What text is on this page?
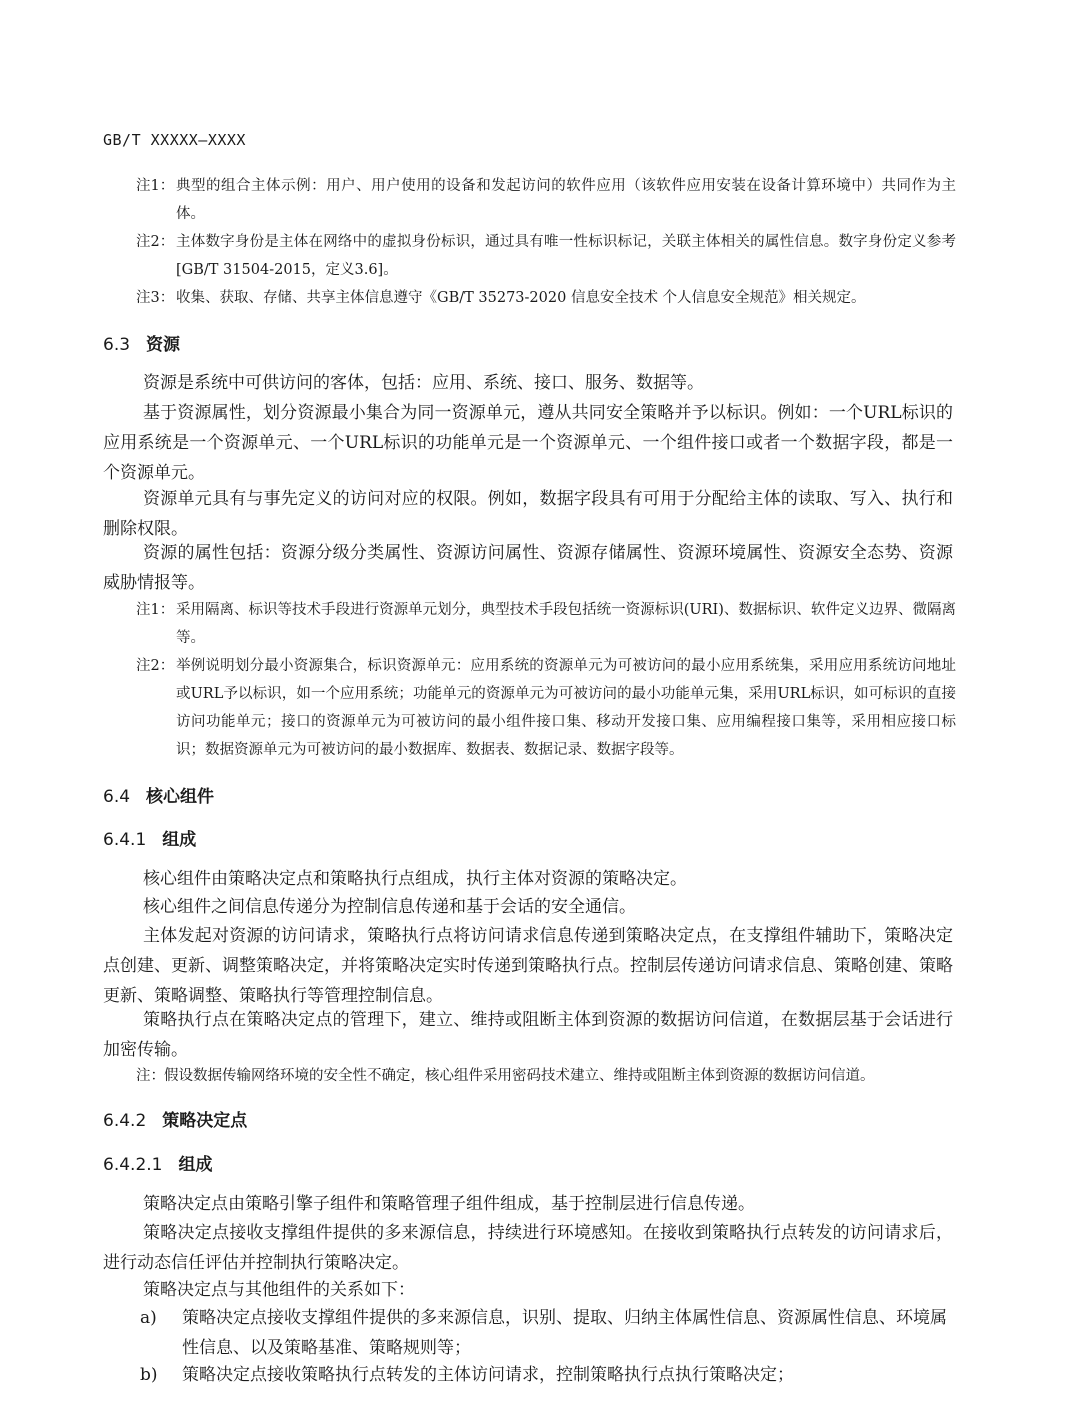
GB/T XXXXX—XXXX
注1： 典型的组合主体示例：用户、用户使用的设备和发起访问的软件应用（该软件应用安装在设备计算环境中）共同作为主体。
注2： 主体数字身份是主体在网络中的虚拟身份标识，通过具有唯一性标识标记，关联主体相关的属性信息。数字身份定义参考[GB/T 31504-2015，定义3.6]。
注3： 收集、获取、存储、共享主体信息遵守《GB/T 35273-2020 信息安全技术 个人信息安全规范》相关规定。
6.3 资源
资源是系统中可供访问的客体，包括：应用、系统、接口、服务、数据等。
基于资源属性，划分资源最小集合为同一资源单元，遵从共同安全策略并予以标识。例如：一个URL标识的应用系统是一个资源单元、一个URL标识的功能单元是一个资源单元、一个组件接口或者一个数据字段，都是一个资源单元。
资源单元具有与事先定义的访问对应的权限。例如，数据字段具有可用于分配给主体的读取、写入、执行和删除权限。
资源的属性包括：资源分级分类属性、资源访问属性、资源存储属性、资源环境属性、资源安全态势、资源威胁情报等。
注1： 采用隔离、标识等技术手段进行资源单元划分，典型技术手段包括统一资源标识(URI)、数据标识、软件定义边界、微隔离等。
注2： 举例说明划分最小资源集合，标识资源单元：应用系统的资源单元为可被访问的最小应用系统集，采用应用系统访问地址或URL予以标识，如一个应用系统；功能单元的资源单元为可被访问的最小功能单元集，采用URL标识，如可标识的直接访问功能单元；接口的资源单元为可被访问的最小组件接口集、移动开发接口集、应用编程接口集等，采用相应接口标识；数据资源单元为可被访问的最小数据库、数据表、数据记录、数据字段等。
6.4 核心组件
6.4.1 组成
核心组件由策略决定点和策略执行点组成，执行主体对资源的策略决定。
核心组件之间信息传递分为控制信息传递和基于会话的安全通信。
主体发起对资源的访问请求，策略执行点将访问请求信息传递到策略决定点，在支撑组件辅助下，策略决定点创建、更新、调整策略决定，并将策略决定实时传递到策略执行点。控制层传递访问请求信息、策略创建、策略更新、策略调整、策略执行等管理控制信息。
策略执行点在策略决定点的管理下，建立、维持或阻断主体到资源的数据访问信道，在数据层基于会话进行加密传输。
注： 假设数据传输网络环境的安全性不确定，核心组件采用密码技术建立、维持或阻断主体到资源的数据访问信道。
6.4.2 策略决定点
6.4.2.1 组成
策略决定点由策略引擎子组件和策略管理子组件组成，基于控制层进行信息传递。
策略决定点接收支撑组件提供的多来源信息，持续进行环境感知。在接收到策略执行点转发的访问请求后，进行动态信任评估并控制执行策略决定。
策略决定点与其他组件的关系如下：
a)	策略决定点接收支撑组件提供的多来源信息，识别、提取、归纳主体属性信息、资源属性信息、环境属性信息、以及策略基准、策略规则等；
b)	策略决定点接收策略执行点转发的主体访问请求，控制策略执行点执行策略决定；
